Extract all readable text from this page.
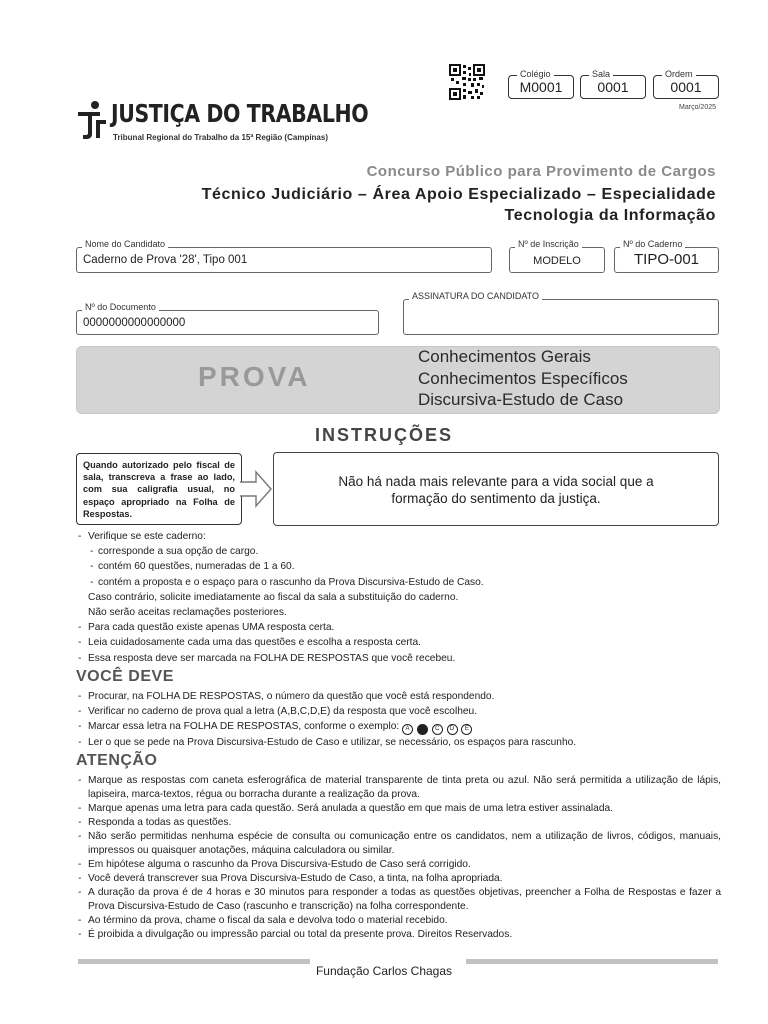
Colégio
M0001
Sala
0001
Ordem
0001
Março/2025
JUSTIÇA DO TRABALHO
Tribunal Regional do Trabalho da 15ª Região (Campinas)
Concurso Público para Provimento de Cargos
Técnico Judiciário – Área Apoio Especializado – Especialidade
Tecnologia da Informação
Nome do Candidato
Caderno de Prova '28', Tipo 001
Nº de Inscrição
MODELO
Nº do Caderno
TIPO-001
Nº do Documento
0000000000000000
ASSINATURA DO CANDIDATO
PROVA
Conhecimentos Gerais
Conhecimentos Específicos
Discursiva-Estudo de Caso
INSTRUÇÕES
Quando autorizado pelo fiscal de sala, transcreva a frase ao lado, com sua caligrafia usual, no espaço apropriado na Folha de Respostas.
Não há nada mais relevante para a vida social que a
formação do sentimento da justiça.
- Verifique se este caderno:
- corresponde a sua opção de cargo.
- contém 60 questões, numeradas de 1 a 60.
- contém a proposta e o espaço para o rascunho da Prova Discursiva-Estudo de Caso.
Caso contrário, solicite imediatamente ao fiscal da sala a substituição do caderno.
Não serão aceitas reclamações posteriores.
- Para cada questão existe apenas UMA resposta certa.
- Leia cuidadosamente cada uma das questões e escolha a resposta certa.
- Essa resposta deve ser marcada na FOLHA DE RESPOSTAS que você recebeu.
VOCÊ DEVE
- Procurar, na FOLHA DE RESPOSTAS, o número da questão que você está respondendo.
- Verificar no caderno de prova qual a letra (A,B,C,D,E) da resposta que você escolheu.
- Marcar essa letra na FOLHA DE RESPOSTAS, conforme o exemplo: A B C D E
- Ler o que se pede na Prova Discursiva-Estudo de Caso e utilizar, se necessário, os espaços para rascunho.
ATENÇÃO
- Marque as respostas com caneta esferográfica de material transparente de tinta preta ou azul. Não será permitida a utilização de lápis, lapiseira, marca-textos, régua ou borracha durante a realização da prova.
- Marque apenas uma letra para cada questão. Será anulada a questão em que mais de uma letra estiver assinalada.
- Responda a todas as questões.
- Não serão permitidas nenhuma espécie de consulta ou comunicação entre os candidatos, nem a utilização de livros, códigos, manuais, impressos ou quaisquer anotações, máquina calculadora ou similar.
- Em hipótese alguma o rascunho da Prova Discursiva-Estudo de Caso será corrigido.
- Você deverá transcrever sua Prova Discursiva-Estudo de Caso, a tinta, na folha apropriada.
- A duração da prova é de 4 horas e 30 minutos para responder a todas as questões objetivas, preencher a Folha de Respostas e fazer a Prova Discursiva-Estudo de Caso (rascunho e transcrição) na folha correspondente.
- Ao término da prova, chame o fiscal da sala e devolva todo o material recebido.
- É proibida a divulgação ou impressão parcial ou total da presente prova. Direitos Reservados.
Fundação Carlos Chagas
